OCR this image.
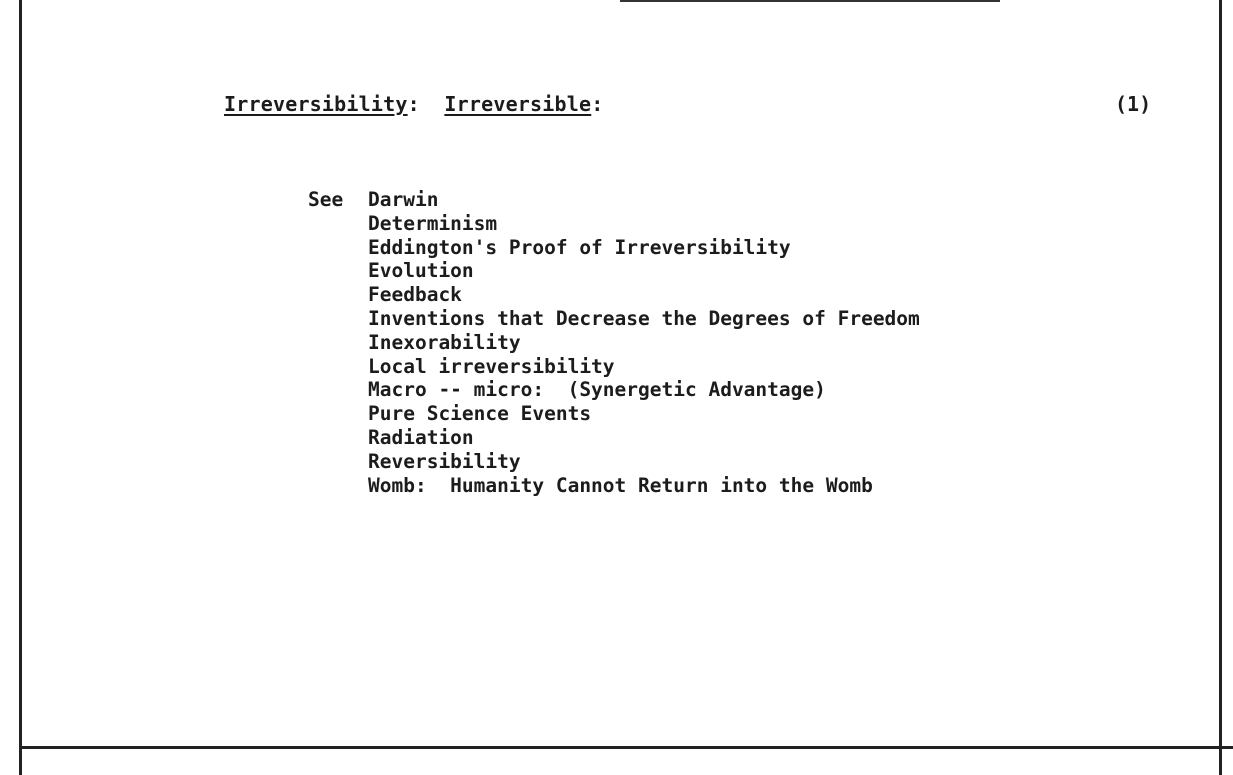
Irreversibility:  Irreversible:	(1)
See Darwin
Determinism
Eddington's Proof of Irreversibility
Evolution
Feedback
Inventions that Decrease the Degrees of Freedom
Inexorability
Local irreversibility
Macro -- micro:  (Synergetic Advantage)
Pure Science Events
Radiation
Reversibility
Womb:  Humanity Cannot Return into the Womb
